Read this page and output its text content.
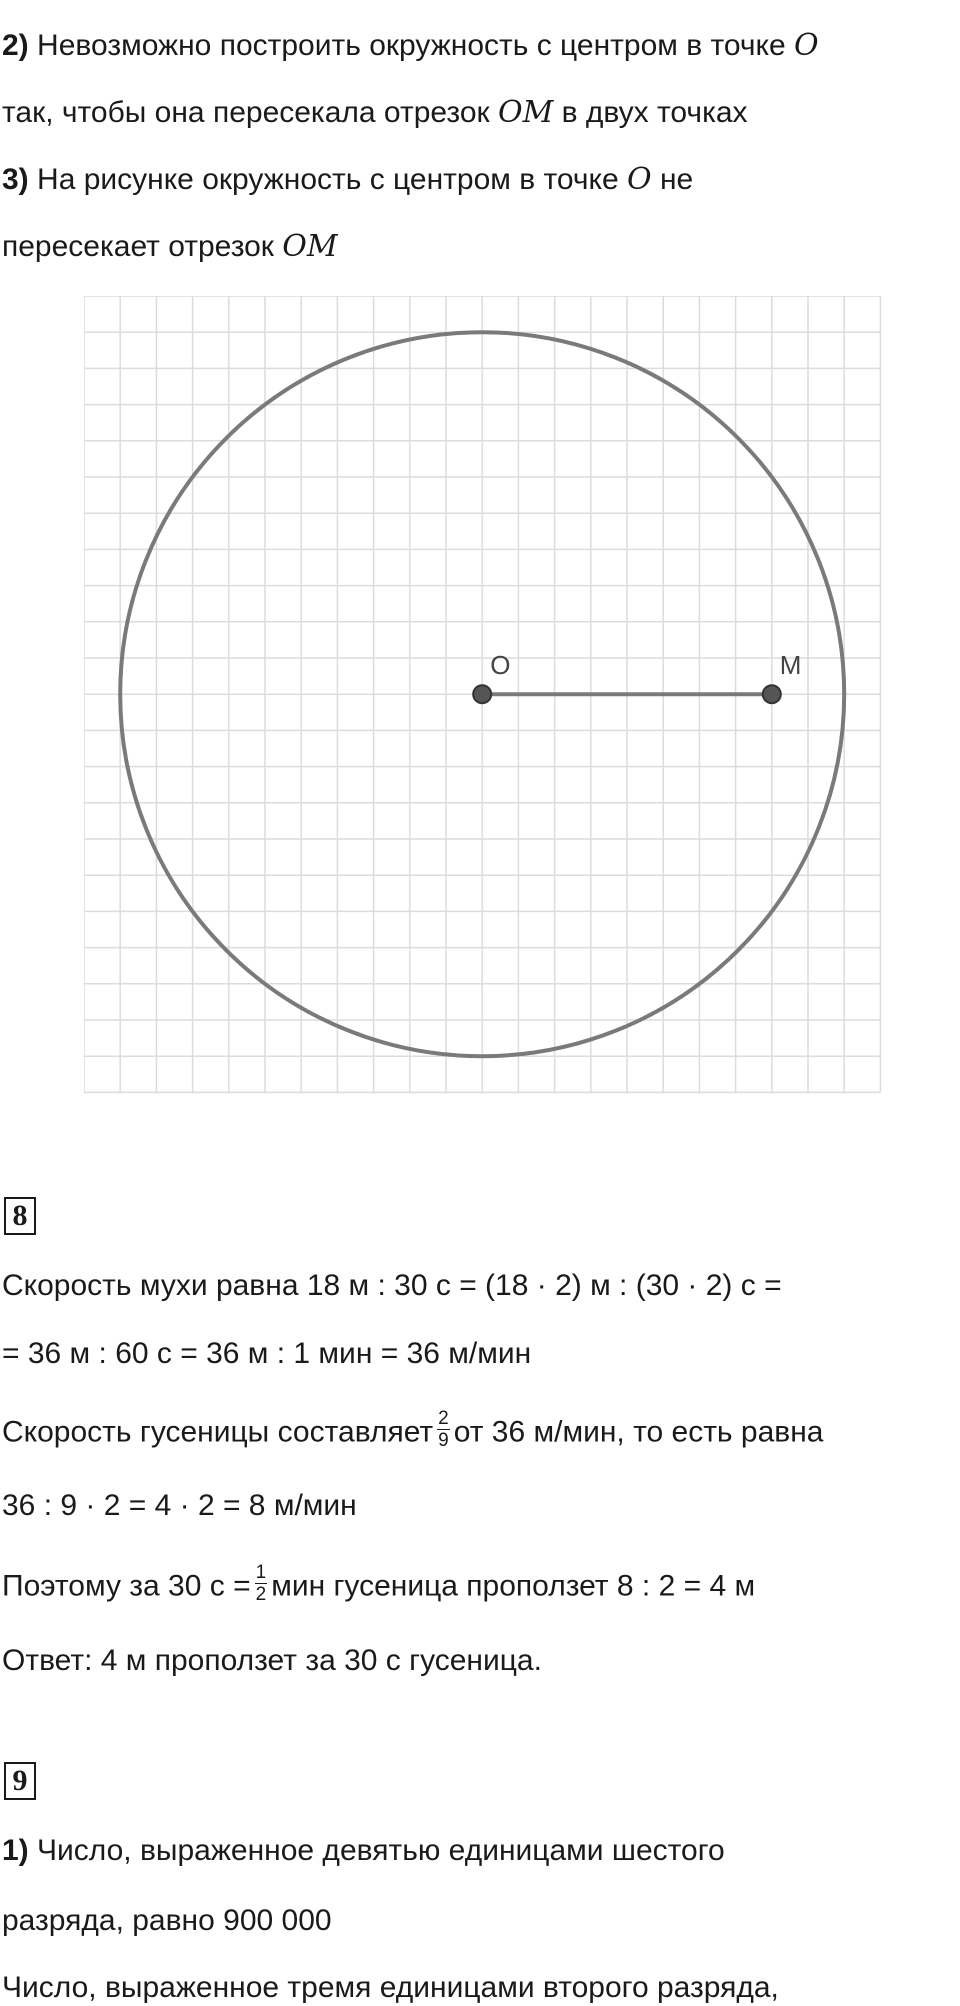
2) Невозможно построить окружность с центром в точке O
так, чтобы она пересекала отрезок OM в двух точках
3) На рисунке окружность с центром в точке O не
пересекает отрезок OM
O	M
8
Скорость мухи равна 18 м : 30 с = (18 · 2) м : (30 · 2) с =
= 36 м : 60 с = 36 м : 1 мин = 36 м/мин
Скорость гусеницы составляет $\frac{2}{9}$ от 36 м/мин, то есть равна
36 : 9 · 2 = 4 · 2 = 8 м/мин
Поэтому за 30 $с = \frac{1}{2}$ мин гусеница проползет 8 : 2 = 4 м
Ответ: 4 м проползет за 30 с гусеница.
9
1) Число, выраженное девятью единицами шестого
разряда, равно 900 000
Число, выраженное тремя единицами второго разряда,
